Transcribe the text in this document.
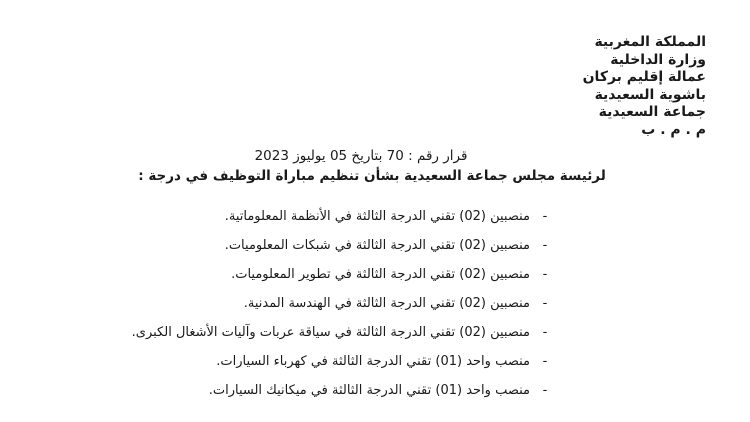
المملكة المغربية
وزارة الداخلية
عمالة إقليم بركان
باشوية السعيدية
جماعة السعيدية
م . م . ب
قرار رقم : 70 بتاريخ 05 يوليوز 2023
لرئيسة مجلس جماعة السعيدية بشأن تنظيم مباراة التوظيف في درجة :
-
منصبين (02) تقني الدرجة الثالثة في الأنظمة المعلوماتية.
-
منصبين (02) تقني الدرجة الثالثة في شبكات المعلوميات.
-
منصبين (02) تقني الدرجة الثالثة في تطوير المعلوميات.
-
منصبين (02) تقني الدرجة الثالثة في الهندسة المدنية.
-
منصبين (02) تقني الدرجة الثالثة في سياقة عربات وآليات الأشغال الكبرى.
-
منصب واحد (01) تقني الدرجة الثالثة في كهرباء السيارات.
-
منصب واحد (01) تقني الدرجة الثالثة في ميكانيك السيارات.
